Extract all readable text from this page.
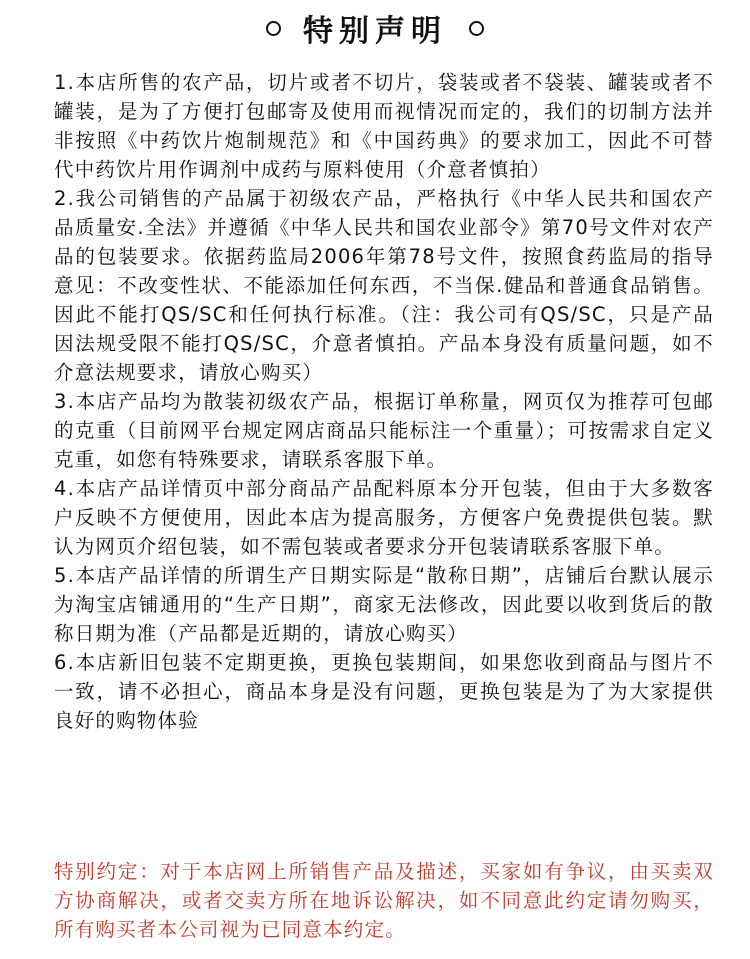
特别声明

1.本店所售的农产品，切片或者不切片，袋装或者不袋装、罐装或者不罐装，是为了方便打包邮寄及使用而视情况而定的，我们的切制方法并非按照《中药饮片炮制规范》和《中国药典》的要求加工，因此不可替代中药饮片用作调剂中成药与原料使用（介意者慎拍）

2.我公司销售的产品属于初级农产品，严格执行《中华人民共和国农产品质量安.全法》并遵循《中华人民共和国农业部令》第70号文件对农产品的包装要求。依据药监局2006年第78号文件，按照食药监局的指导意见：不改变性状、不能添加任何东西，不当保.健品和普通食品销售。因此不能打QS/SC和任何执行标准。（注：我公司有QS/SC，只是产品因法规受限不能打QS/SC，介意者慎拍。产品本身没有质量问题，如不介意法规要求，请放心购买）

3.本店产品均为散装初级农产品，根据订单称量，网页仅为推荐可包邮的克重（目前网平台规定网店商品只能标注一个重量）；可按需求自定义克重，如您有特殊要求，请联系客服下单。

4.本店产品详情页中部分商品产品配料原本分开包装，但由于大多数客户反映不方便使用，因此本店为提高服务，方便客户免费提供包装。默认为网页介绍包装，如不需包装或者要求分开包装请联系客服下单。

5.本店产品详情的所谓生产日期实际是“散称日期”，店铺后台默认展示为淘宝店铺通用的“生产日期”，商家无法修改，因此要以收到货后的散称日期为准（产品都是近期的，请放心购买）

6.本店新旧包装不定期更换，更换包装期间，如果您收到商品与图片不一致，请不必担心，商品本身是没有问题，更换包装是为了为大家提供良好的购物体验

特别约定：对于本店网上所销售产品及描述，买家如有争议，由买卖双方协商解决，或者交卖方所在地诉讼解决，如不同意此约定请勿购买，所有购买者本公司视为已同意本约定。
